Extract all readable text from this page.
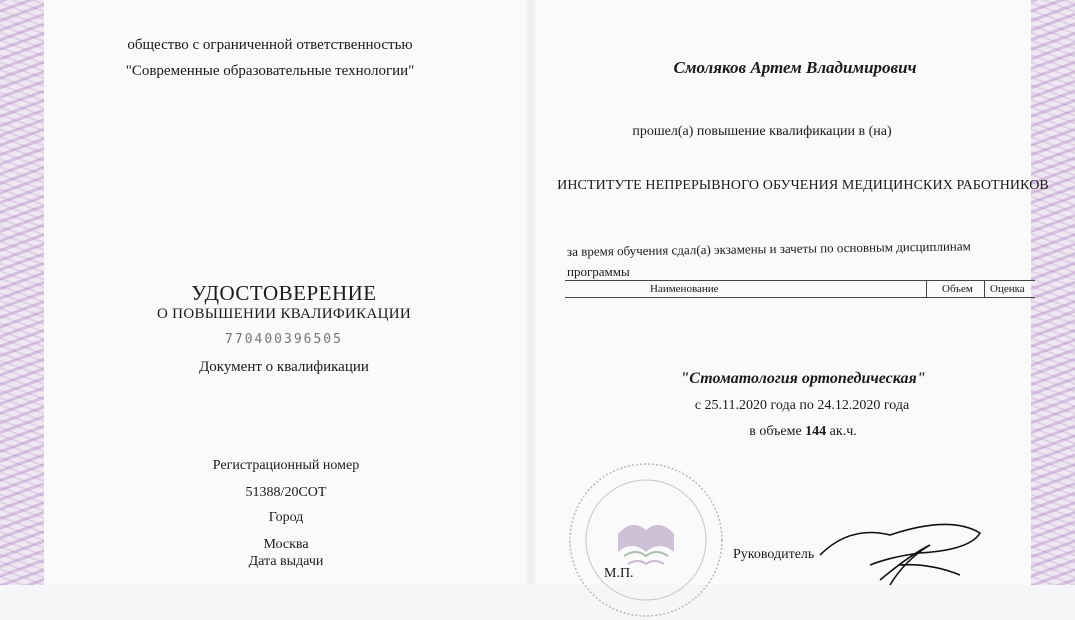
общество с ограниченной ответственностью
"Современные образовательные технологии"
УДОСТОВЕРЕНИЕ
О ПОВЫШЕНИИ КВАЛИФИКАЦИИ
770400396505
Документ о квалификации
Регистрационный номер
51388/20СОТ
Город
Москва
Дата выдачи
Смоляков Артем Владимирович
прошел(а) повышение квалификации в (на)
ИНСТИТУТЕ НЕПРЕРЫВНОГО ОБУЧЕНИЯ МЕДИЦИНСКИХ РАБОТНИКОВ
за время обучения сдал(а) экзамены и зачеты по основным дисциплинам
программы
Наименование	Объем Оценка
"Стоматология ортопедическая"
с 25.11.2020 года по 24.12.2020 года
в объеме 144 ак.ч.
М.П.
Руководитель
